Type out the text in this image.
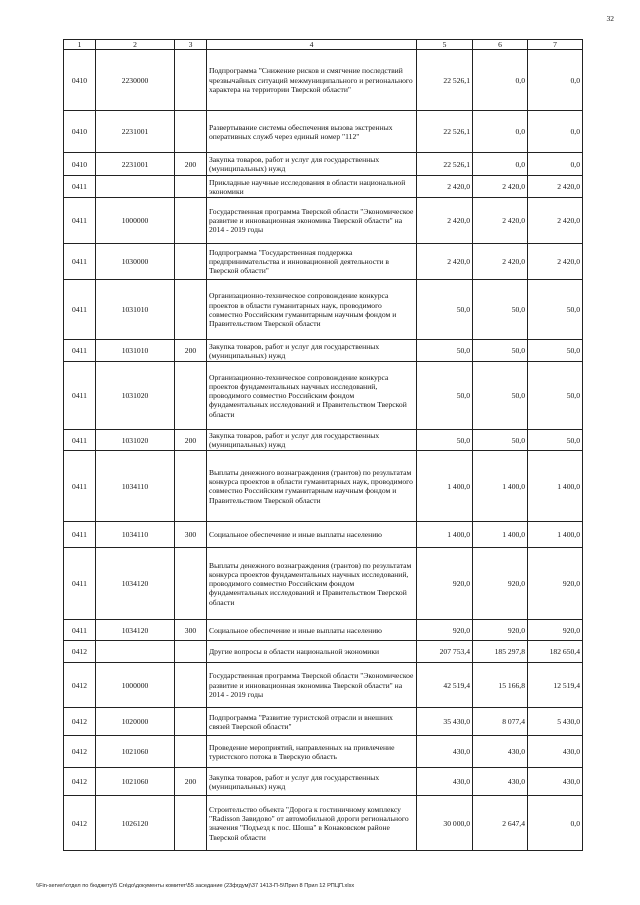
32
1	2	3	4	5	6	7
0410	2230000		Подпрограмма "Снижение рисков и смягчение последствий чрезвычайных ситуаций межмуниципального и регионального характера на территории Тверской области"	22 526,1	0,0	0,0
0410	2231001		Развертывание системы обеспечения вызова экстренных оперативных служб через единый номер "112"	22 526,1	0,0	0,0
0410	2231001	200	Закупка товаров, работ и услуг для государственных (муниципальных) нужд	22 526,1	0,0	0,0
0411			Прикладные научные исследования в области национальной экономики	2 420,0	2 420,0	2 420,0
0411	1000000		Государственная программа Тверской области "Экономическое развитие и инновационная экономика Тверской области" на 2014 - 2019 годы	2 420,0	2 420,0	2 420,0
0411	1030000		Подпрограмма "Государственная поддержка предпринимательства и инновационной деятельности в Тверской области"	2 420,0	2 420,0	2 420,0
0411	1031010		Организационно-техническое сопровождение конкурса проектов в области гуманитарных наук, проводимого совместно Российским гуманитарным научным фондом и Правительством Тверской области	50,0	50,0	50,0
0411	1031010	200	Закупка товаров, работ и услуг для государственных (муниципальных) нужд	50,0	50,0	50,0
0411	1031020		Организационно-техническое сопровождение конкурса проектов фундаментальных научных исследований, проводимого совместно Российским фондом фундаментальных исследований и Правительством Тверской области	50,0	50,0	50,0
0411	1031020	200	Закупка товаров, работ и услуг для государственных (муниципальных) нужд	50,0	50,0	50,0
0411	1034110		Выплаты денежного вознаграждения (грантов) по результатам конкурса проектов в области гуманитарных наук, проводимого совместно Российским гуманитарным научным фондом и Правительством Тверской области	1 400,0	1 400,0	1 400,0
0411	1034110	300	Социальное обеспечение и иные выплаты населению	1 400,0	1 400,0	1 400,0
0411	1034120		Выплаты денежного вознаграждения (грантов) по результатам конкурса проектов фундаментальных научных исследований, проводимого совместно Российским фондом фундаментальных исследований и Правительством Тверской области	920,0	920,0	920,0
0411	1034120	300	Социальное обеспечение и иные выплаты населению	920,0	920,0	920,0
0412			Другие вопросы в области национальной экономики	207 753,4	185 297,8	182 650,4
0412	1000000		Государственная программа Тверской области "Экономическое развитие и инновационная экономика Тверской области" на 2014 - 2019 годы	42 519,4	15 166,8	12 519,4
0412	1020000		Подпрограмма "Развитие туристской отрасли и внешних связей Тверской области"	35 430,0	8 077,4	5 430,0
0412	1021060		Проведение мероприятий, направленных на привлечение туристского потока в Тверскую область	430,0	430,0	430,0
0412	1021060	200	Закупка товаров, работ и услуг для государственных (муниципальных) нужд	430,0	430,0	430,0
0412	1026120		Строительство объекта "Дорога к гостиничному комплексу "Radisson Завидово" от автомобильной дороги регионального значения "Подъезд к пос. Шоша" в Конаковском районе Тверской области	30 000,0	2 647,4	0,0
\\Fin-server\отдел по бюджету\5 Créдо\документы комитет\55 заседание (23фгдум)\37 1413-П-5\Прил 8 Прил 12 РПЦП.xlsx
